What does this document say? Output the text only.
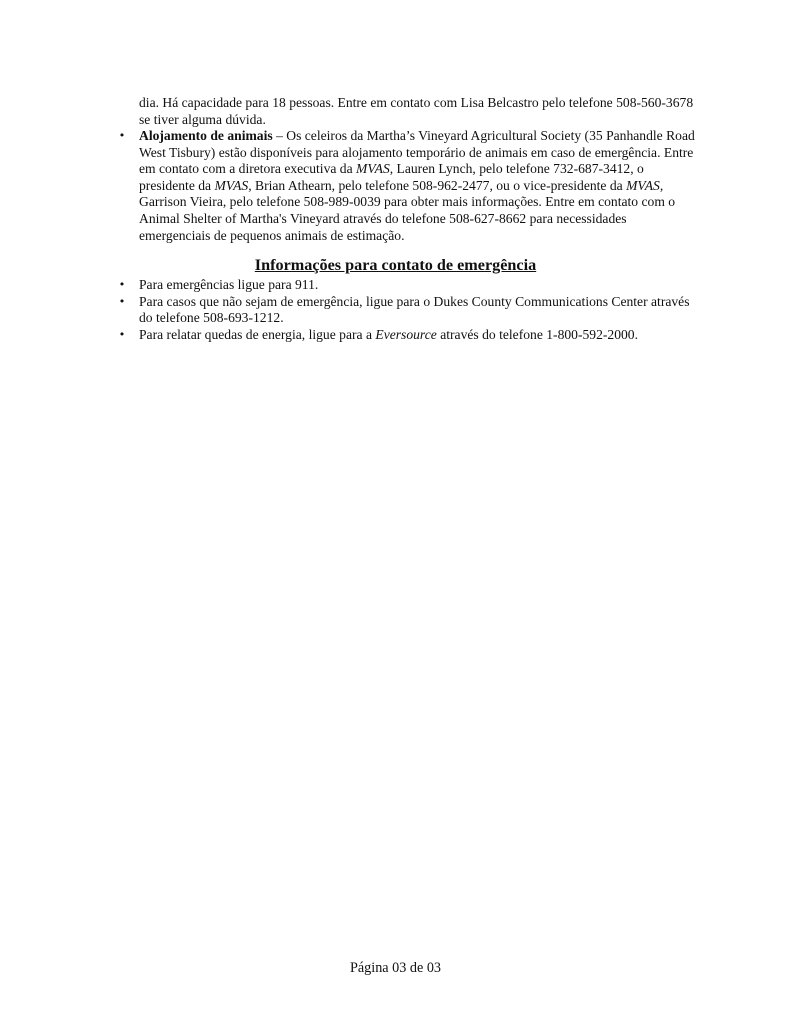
dia. Há capacidade para 18 pessoas. Entre em contato com Lisa Belcastro pelo telefone 508-560-3678 se tiver alguma dúvida.

• Alojamento de animais – Os celeiros da Martha’s Vineyard Agricultural Society (35 Panhandle Road West Tisbury) estão disponíveis para alojamento temporário de animais em caso de emergência. Entre em contato com a diretora executiva da MVAS, Lauren Lynch, pelo telefone 732-687-3412, o presidente da MVAS, Brian Athearn, pelo telefone 508-962-2477, ou o vice-presidente da MVAS, Garrison Vieira, pelo telefone 508-989-0039 para obter mais informações. Entre em contato com o Animal Shelter of Martha's Vineyard através do telefone 508-627-8662 para necessidades emergenciais de pequenos animais de estimação.
Informações para contato de emergência
• Para emergências ligue para 911.
• Para casos que não sejam de emergência, ligue para o Dukes County Communications Center através do telefone 508-693-1212.
• Para relatar quedas de energia, ligue para a Eversource através do telefone 1-800-592-2000.

Página 03 de 03
